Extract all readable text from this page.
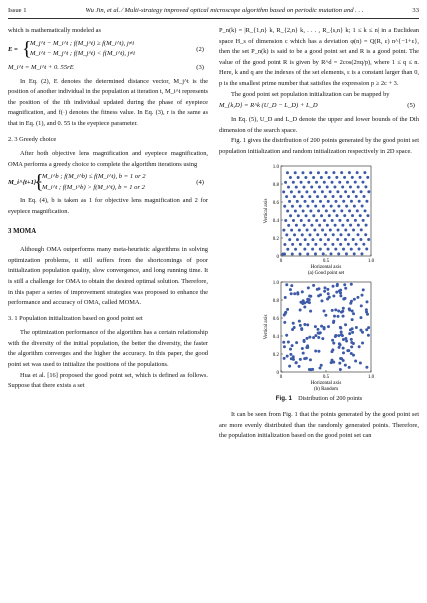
Issue 1	Wu Jin, et al. ∕ Multi-strategy improved optical microscope algorithm based on periodic mutation and . . .	33

which is mathematically modeled as

E = {
M_j^t − M_i^t ; f(M_j^t) ≥ f(M_i^t), j≠i
M_i^t − M_j^t ; f(M_j^t) < f(M_i^t), j≠i
(2)
M_i^t = M_i^t + 0. 55rE	(3)

In Eq. (2), E denotes the determined distance vector, M_j^t is the position of another individual in the population at iteration t, M_i^t represents the position of the ith individual updated during the phase of eyepiece magnification, and f(·) denotes the fitness value. In Eq. (3), r is the same as that in Eq. (1), and 0. 55 is the eyepiece parameter.

2. 3 Greedy choice

After both objective lens magnification and eyepiece magnification, OMA performs a greedy choice to complete the algorithm iterations using

M_i^{t+1} =
{
M_i^b ; f(M_i^b) ≤ f(M_i^t), b = 1 or 2
M_i^t ; f(M_i^b) > f(M_i^t), b = 1 or 2
(4)

In Eq. (4), b is taken as 1 for objective lens magnification and 2 for eyepiece magnification.

3 MOMA

Although OMA outperforms many meta-heuristic algorithms in solving optimization problems, it still suffers from the shortcomings of poor initialization population quality, slow convergence, and long running time. It is still a challenge for OMA to obtain the desired optimal solution. Therefore, in this paper a series of improvement strategies was proposed to enhance the performance and accuracy of OMA, called MOMA.

3. 1 Population initialization based on good point set

The optimization performance of the algorithm has a certain relationship with the diversity of the initial population, the better the diversity, the faster the algorithm converges and the higher the accuracy. In this paper, the good point set was used to initialize the positions of the populations.

Hua et al. [16] proposed the good point set, which is defined as follows. Suppose that there exists a set

P_n(k) = |R_{1,n} k, R_{2,n} k, . . . , R_{s,n} k; 1 ≤ k ≤ n| in a Euclidean space H_s of dimension c which has a deviation φ(n) = Q(R, ε) n^{−1+ε}, then the set P_n(k) is said to be a good point set and R is a good point. The value of the good point R is given by R^d = 2cos(2πq/p), where 1 ≤ q ≤ n. Here, k and q are the indexes of the set elements, ε is a constant larger than 0, p is the smallest prime number that satisfies the expression p ≥ 2c + 3.

The good point set population initialization can be mapped by

M_{k,D} = R^k (U_D − L_D) + L_D	(5)

In Eq. (5), U_D and L_D denote the upper and lower bounds of the Dth dimension of the search space.

Fig. 1 gives the distribution of 200 points generated by the good point set population initialization and random initialization respectively in 2D space.

0
0.2
0.4
0.6
0.8
1.0
0	0.5	1.0
Horizontal axis
Vertical axis
(a) Good point set
0
0.2
0.4
0.6
0.8
1.0
0	0.5	1.0
Horizontal axis
Vertical axis
(b) Random
Fig. 1 Distribution of 200 points

It can be seen from Fig. 1 that the points generated by the good point set are more evenly distributed than the randomly generated points. Therefore, the population initialization based on the good point set can
